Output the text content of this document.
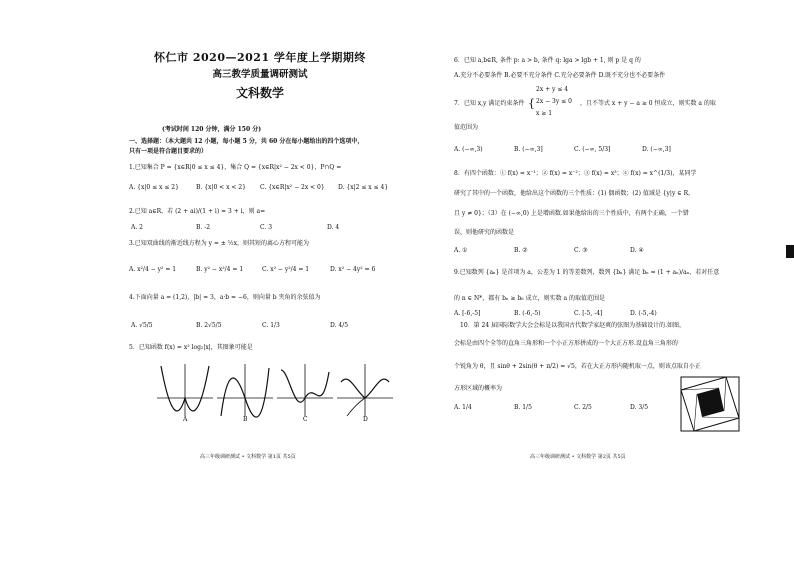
怀仁市 2020—2021 学年度上学期期终
高三教学质量调研测试
文科数学
(考试时间 120 分钟，满分 150 分)
一、选择题：（本大题共 12 小题，每小题 5 分，共 60 分在每小题给出的四个选项中，
只有一项是符合题目要求的）
1.已知集合 P = {x∈R|0 ≤ x ≤ 4}，集合 Q = {x∈R|x² − 2x < 0}，P∩Q =
A. {x|0 ≤ x ≤ 2}	B. {x|0 < x < 2} C. {x∈R|x² − 2x < 0} D. {x|2 ≤ x ≤ 4}
2.已知 a∈R，若 (2 + ai)/(1 + i) = 3 + i，则 a=
A. 2	B. -2	C. 3	D. 4
3.已知双曲线的渐近线方程为 y = ± ½x，则其短的离心方程可能为
A. x²/4 − y² = 1	B. y² − x²/4 = 1	C. x² − y²/4 = 1	D. x² − 4y² = 6
4.下面向量 a = (1,2)，|b| = 3，a·b = −6，则向量 b 夹角的余弦值为
A. √5/5	B. 2√5/5	C. 1/3	D. 4/5
5．已知函数 f(x) = x² log₂|x|，其图象可能是
A	B	C	D
高三年级调研测试 • 文科数学 第1页 共5页
6．已知 a,b∈R, 条件 p: a > b, 条件 q: lga > lgb + 1, 则 p 是 q 的
A.充分不必要条件 B.必要不充分条件 C.充分必要条件 D.既不充分也不必要条件
7．已知 x,y 满足约束条件 {
2x + y ≤ 4
2x − 3y ≤ 0
x ≥ 1
，且不等式 x + y − a ≥ 0 恒成立，则实数 a 的取
值范围为
A. (−∞,3)	B. (−∞,3]	C. (−∞, 5/3]	D. (−∞,3]
8．有四个函数：① f(x) = x⁻¹；② f(x) = x⁻²；③ f(x) = x³；④ f(x) = x^(1/3)，某同学
研究了其中的一个函数，他给出这个函数的三个性质：(1) 偶函数；(2) 值域是 {y|y ∈ R，
且 y ≠ 0}；（3）在 (−∞,0) 上是增函数.如果他给出的三个性质中，有两个正确，一个错
误，则他研究的函数是
A. ①	B. ②	C. ③	D. ④
9.已知数列 {aₙ} 是首项为 a，公差为 1 的等差数列，数列 {bₙ} 满足 bₙ = (1 + aₙ)/aₙ，若对任意
的 n ∈ N*，都有 bₙ ≥ b₆ 成立，则实数 a 的取值范围是
A. [-6,-5]	B. (-6,-5)	C. [-5, -4]	D. (-5,-4)
10．第 24 届国际数学大会会标是以我国古代数学家赵爽的弦图为基础设计的.如图，
会标是由四个全等的直角三角形和一个小正方形拼成的一个大正方形.设直角三角形的
个锐角为 θ，且 sinθ + 2sin(θ + π/2) = √5，若在大正方形内随机取一点，则该点取自小正
方形区域的概率为
A. 1/4	B. 1/5	C. 2/5	D. 3/5
高三年级调研测试 • 文科数学 第2页 共5页
